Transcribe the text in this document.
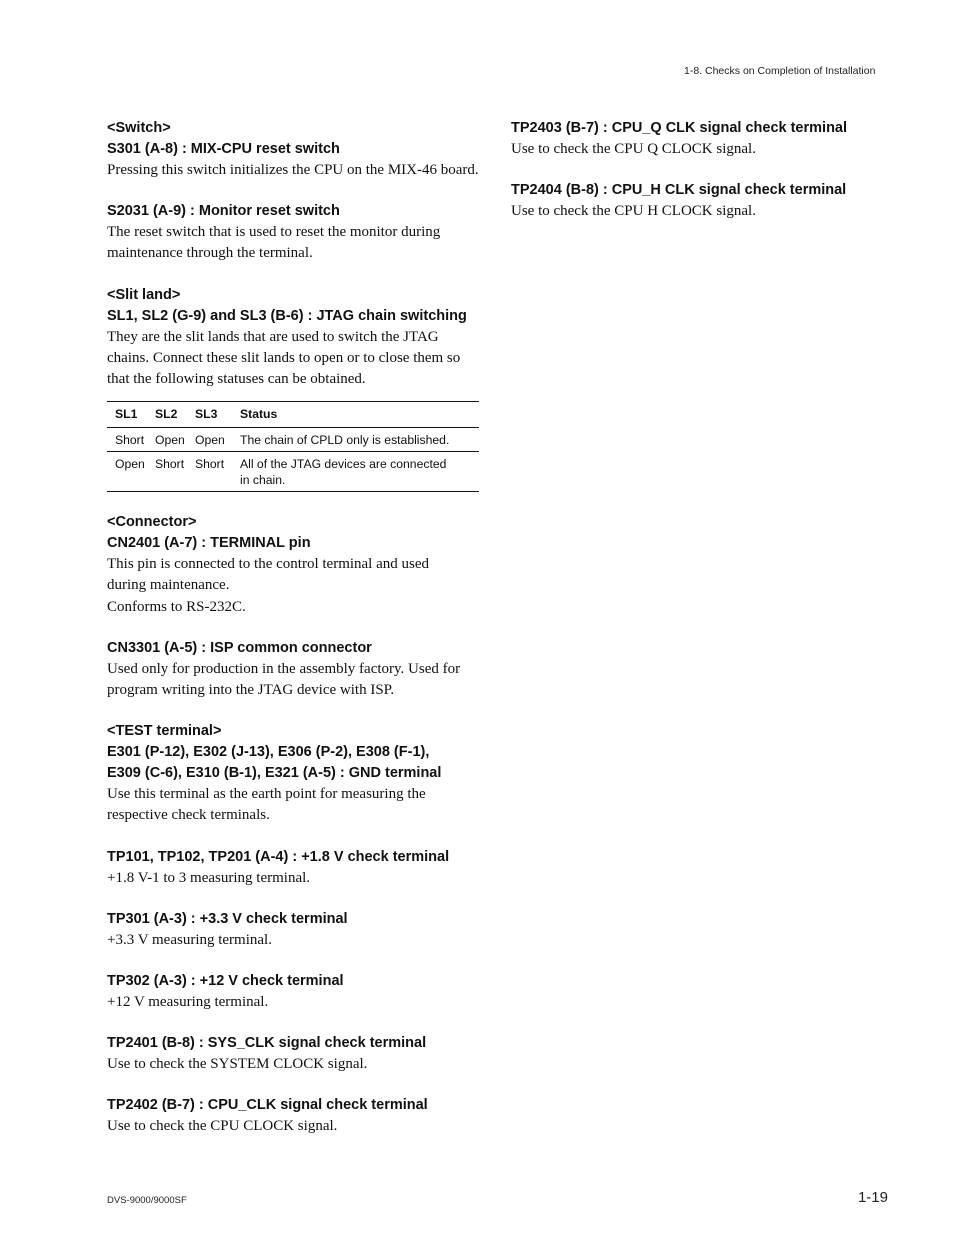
1-8. Checks on Completion of Installation
<Switch>
S301 (A-8) : MIX-CPU reset switch
Pressing this switch initializes the CPU on the MIX-46 board.
S2031 (A-9) : Monitor reset switch
The reset switch that is used to reset the monitor during
maintenance through the terminal.
<Slit land>
SL1, SL2 (G-9) and SL3 (B-6) : JTAG chain switching
They are the slit lands that are used to switch the JTAG
chains. Connect these slit lands to open or to close them so
that the following statuses can be obtained.
SL1	SL2	SL3	Status
Short	Open	Open	The chain of CPLD only is established.
Open	Short	Short	All of the JTAG devices are connected
in chain.
<Connector>
CN2401 (A-7) : TERMINAL pin
This pin is connected to the control terminal and used
during maintenance.
Conforms to RS-232C.
CN3301 (A-5) : ISP common connector
Used only for production in the assembly factory. Used for
program writing into the JTAG device with ISP.
<TEST terminal>
E301 (P-12), E302 (J-13), E306 (P-2), E308 (F-1),
E309 (C-6), E310 (B-1), E321 (A-5) : GND terminal
Use this terminal as the earth point for measuring the
respective check terminals.
TP101, TP102, TP201 (A-4) : +1.8 V check terminal
+1.8 V-1 to 3 measuring terminal.
TP301 (A-3) : +3.3 V check terminal
+3.3 V measuring terminal.
TP302 (A-3) : +12 V check terminal
+12 V measuring terminal.
TP2401 (B-8) : SYS_CLK signal check terminal
Use to check the SYSTEM CLOCK signal.
TP2402 (B-7) : CPU_CLK signal check terminal
Use to check the CPU CLOCK signal.
TP2403 (B-7) : CPU_Q CLK signal check terminal
Use to check the CPU Q CLOCK signal.
TP2404 (B-8) : CPU_H CLK signal check terminal
Use to check the CPU H CLOCK signal.
DVS-9000/9000SF	1-19
